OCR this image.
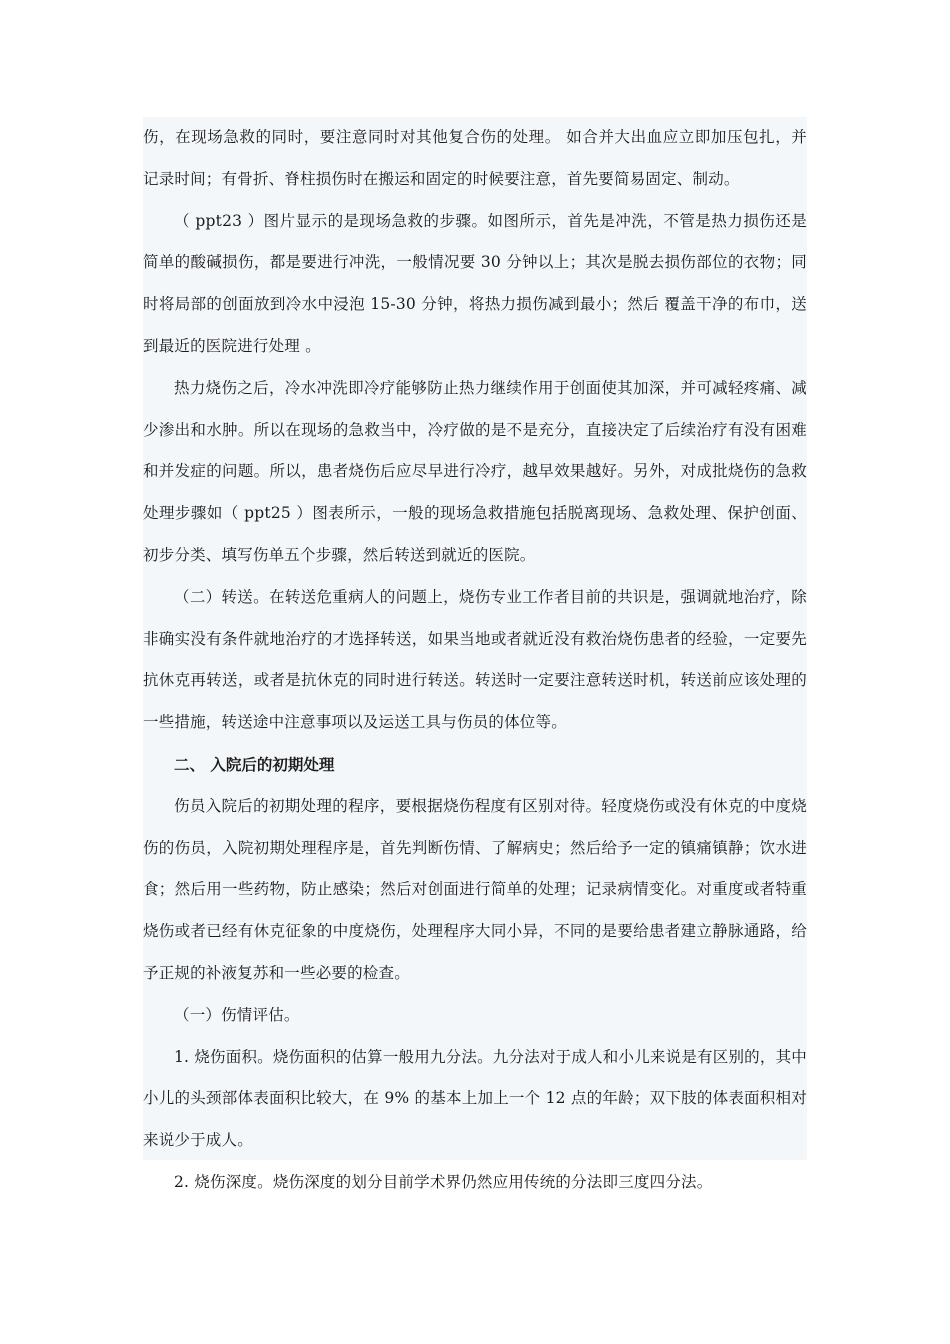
伤，在现场急救的同时，要注意同时对其他复合伤的处理。 如合并大出血应立即加压包扎，并记录时间；有骨折、脊柱损伤时在搬运和固定的时候要注意，首先要简易固定、制动。

（ ppt23 ）图片显示的是现场急救的步骤。如图所示，首先是冲洗，不管是热力损伤还是简单的酸碱损伤，都是要进行冲洗，一般情况要 30 分钟以上；其次是脱去损伤部位的衣物；同时将局部的创面放到冷水中浸泡 15-30 分钟，将热力损伤减到最小；然后 覆盖干净的布巾，送到最近的医院进行处理 。

热力烧伤之后，冷水冲洗即冷疗能够防止热力继续作用于创面使其加深，并可减轻疼痛、减少渗出和水肿。所以在现场的急救当中，冷疗做的是不是充分，直接决定了后续治疗有没有困难和并发症的问题。所以，患者烧伤后应尽早进行冷疗，越早效果越好。另外，对成批烧伤的急救处理步骤如（ ppt25 ）图表所示，一般的现场急救措施包括脱离现场、急救处理、保护创面、初步分类、填写伤单五个步骤，然后转送到就近的医院。

（二）转送。在转送危重病人的问题上，烧伤专业工作者目前的共识是，强调就地治疗，除非确实没有条件就地治疗的才选择转送，如果当地或者就近没有救治烧伤患者的经验，一定要先抗休克再转送，或者是抗休克的同时进行转送。转送时一定要注意转送时机，转送前应该处理的一些措施，转送途中注意事项以及运送工具与伤员的体位等。

二、 入院后的初期处理

伤员入院后的初期处理的程序，要根据烧伤程度有区别对待。轻度烧伤或没有休克的中度烧伤的伤员，入院初期处理程序是，首先判断伤情、了解病史；然后给予一定的镇痛镇静；饮水进食；然后用一些药物，防止感染；然后对创面进行简单的处理；记录病情变化。对重度或者特重烧伤或者已经有休克征象的中度烧伤，处理程序大同小异，不同的是要给患者建立静脉通路，给予正规的补液复苏和一些必要的检查。

（一）伤情评估。

1. 烧伤面积。烧伤面积的估算一般用九分法。九分法对于成人和小儿来说是有区别的，其中小儿的头颈部体表面积比较大，在 9% 的基本上加上一个 12 点的年龄；双下肢的体表面积相对来说少于成人。

2. 烧伤深度。烧伤深度的划分目前学术界仍然应用传统的分法即三度四分法。
